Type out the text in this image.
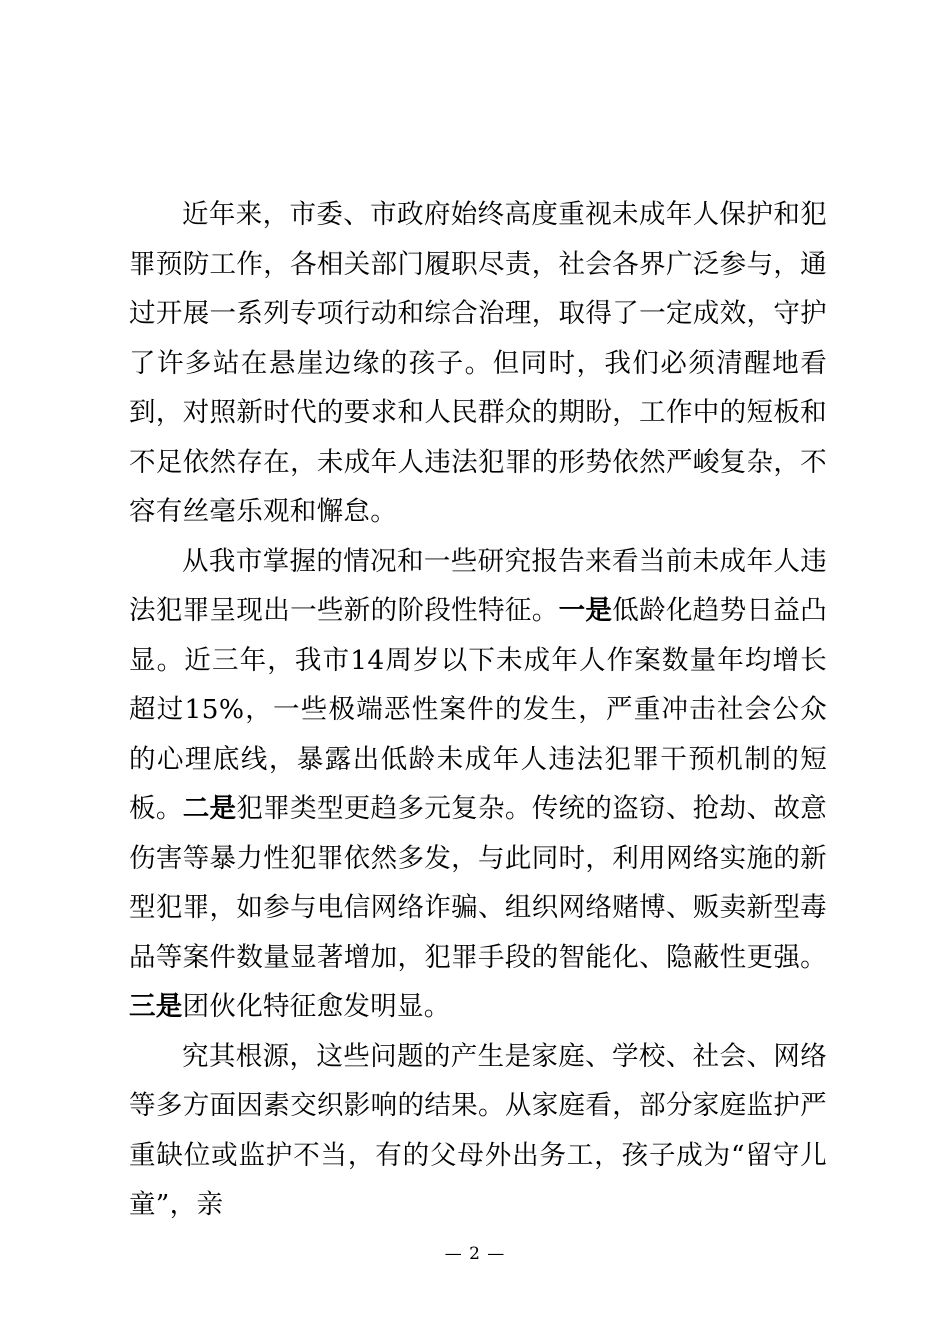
近年来，市委、市政府始终高度重视未成年人保护和犯罪预防工作，各相关部门履职尽责，社会各界广泛参与，通过开展一系列专项行动和综合治理，取得了一定成效，守护了许多站在悬崖边缘的孩子。但同时，我们必须清醒地看到，对照新时代的要求和人民群众的期盼，工作中的短板和不足依然存在，未成年人违法犯罪的形势依然严峻复杂，不容有丝毫乐观和懈怠。

从我市掌握的情况和一些研究报告来看当前未成年人违法犯罪呈现出一些新的阶段性特征。一是低龄化趋势日益凸显。近三年，我市14周岁以下未成年人作案数量年均增长超过15%，一些极端恶性案件的发生，严重冲击社会公众的心理底线，暴露出低龄未成年人违法犯罪干预机制的短板。二是犯罪类型更趋多元复杂。传统的盗窃、抢劫、故意伤害等暴力性犯罪依然多发，与此同时，利用网络实施的新型犯罪，如参与电信网络诈骗、组织网络赌博、贩卖新型毒品等案件数量显著增加，犯罪手段的智能化、隐蔽性更强。三是团伙化特征愈发明显。

究其根源，这些问题的产生是家庭、学校、社会、网络等多方面因素交织影响的结果。从家庭看，部分家庭监护严重缺位或监护不当，有的父母外出务工，孩子成为“留守儿童”，亲

— 2 —
